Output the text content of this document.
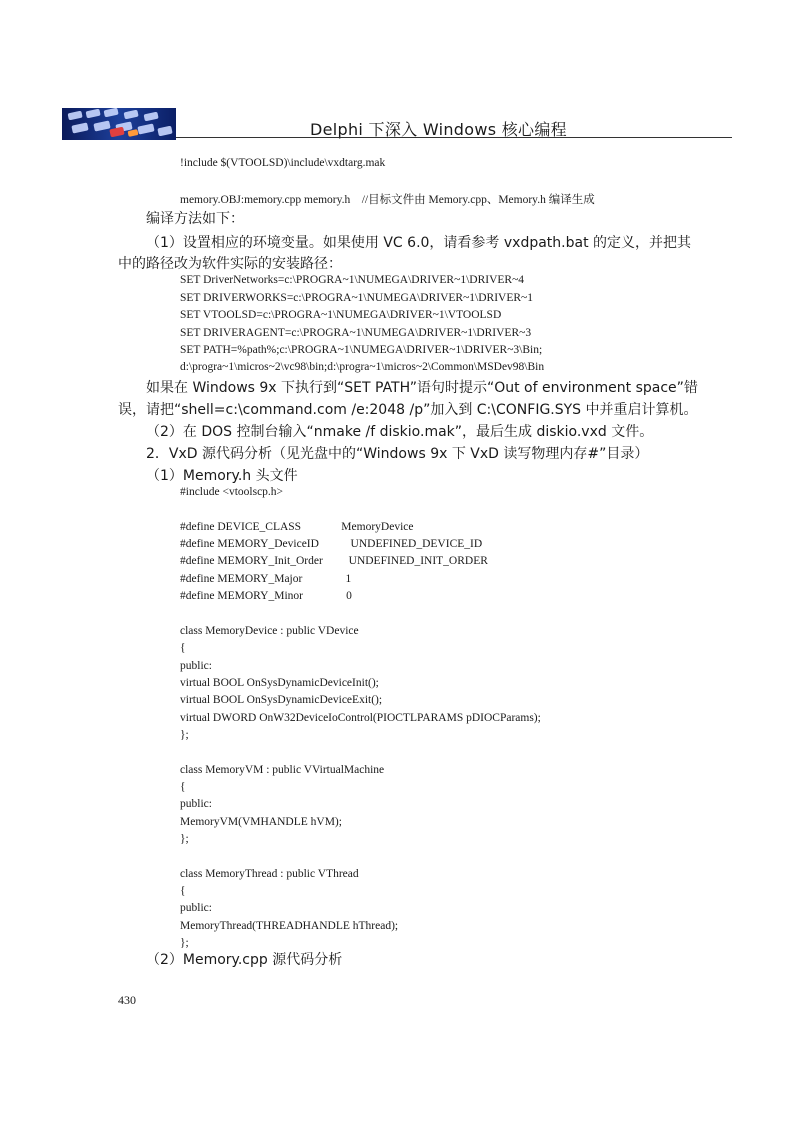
Delphi 下深入 Windows 核心编程
!include $(VTOOLSD)\include\vxdtarg.mak
memory.OBJ:memory.cpp memory.h    //目标文件由 Memory.cpp、Memory.h 编译生成
编译方法如下：
（1）设置相应的环境变量。如果使用 VC 6.0，请看参考 vxdpath.bat 的定义，并把其
中的路径改为软件实际的安装路径：
SET DriverNetworks=c:\PROGRA~1\NUMEGA\DRIVER~1\DRIVER~4
SET DRIVERWORKS=c:\PROGRA~1\NUMEGA\DRIVER~1\DRIVER~1
SET VTOOLSD=c:\PROGRA~1\NUMEGA\DRIVER~1\VTOOLSD
SET DRIVERAGENT=c:\PROGRA~1\NUMEGA\DRIVER~1\DRIVER~3
SET PATH=%path%;c:\PROGRA~1\NUMEGA\DRIVER~1\DRIVER~3\Bin;
d:\progra~1\micros~2\vc98\bin;d:\progra~1\micros~2\Common\MSDev98\Bin
如果在 Windows 9x 下执行到“SET PATH”语句时提示“Out of environment space”错
误，请把“shell=c:\command.com /e:2048 /p”加入到 C:\CONFIG.SYS 中并重启计算机。
（2）在 DOS 控制台输入“nmake /f diskio.mak”，最后生成 diskio.vxd 文件。
2．VxD 源代码分析（见光盘中的“Windows 9x 下 VxD 读写物理内存#”目录）
（1）Memory.h 头文件
#include <vtoolscp.h>
#define DEVICE_CLASS              MemoryDevice
#define MEMORY_DeviceID           UNDEFINED_DEVICE_ID
#define MEMORY_Init_Order         UNDEFINED_INIT_ORDER
#define MEMORY_Major               1
#define MEMORY_Minor               0
class MemoryDevice : public VDevice
{
public:
virtual BOOL OnSysDynamicDeviceInit();
virtual BOOL OnSysDynamicDeviceExit();
virtual DWORD OnW32DeviceIoControl(PIOCTLPARAMS pDIOCParams);
};
class MemoryVM : public VVirtualMachine
{
public:
MemoryVM(VMHANDLE hVM);
};
class MemoryThread : public VThread
{
public:
MemoryThread(THREADHANDLE hThread);
};
（2）Memory.cpp 源代码分析
430
